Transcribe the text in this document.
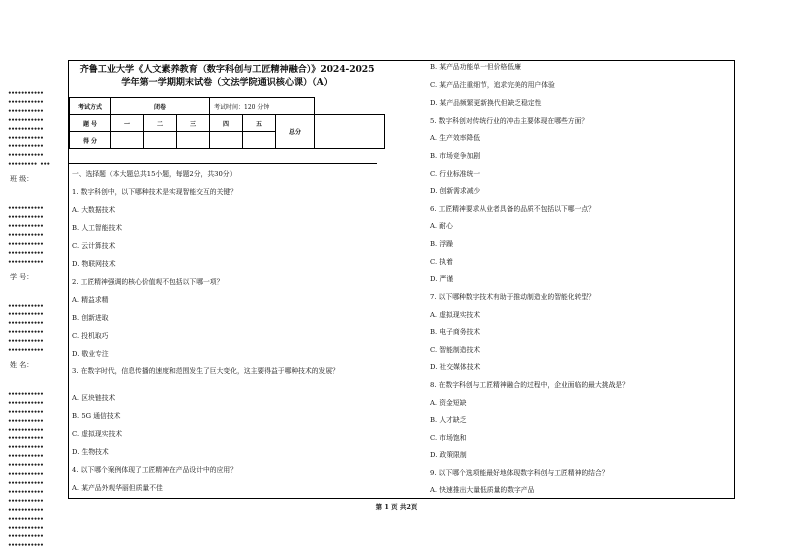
•••••••••••
•••••••••••
•••••••••••
•••••••••••
•••••••••••
•••••••••••
•••••••••••
•••••••••••
••••••••• •••
班 级：
•••••••••••
•••••••••••
•••••••••••
•••••••••••
•••••••••••
•••••••••••
•••••••••••
学 号：
•••••••••••
•••••••••••
•••••••••••
•••••••••••
•••••••••••
•••••••••••
姓 名：
•••••••••••
•••••••••••
•••••••••••
•••••••••••
•••••••••••
•••••••••••
•••••••••••
•••••••••••
•••••••••••
•••••••••••
•••••••••••
•••••••••••
•••••••••••
•••••••••••
•••••••••••
•••••••••••
•••••••••••
•••••••••••
齐鲁工业大学《人文素养教育（数字科创与工匠精神融合）》2024-2025
学年第一学期期末试卷（文法学院通识核心课）（A）
考试方式	闭卷			考试时间：120 分钟			
题 号	一	二	三	四	五	总分	
得 分							
一、选择题（本大题总共15小题，每题2分，共30分）
1. 数字科创中，以下哪种技术是实现智能交互的关键？
A. 大数据技术
B. 人工智能技术
C. 云计算技术
D. 物联网技术
2. 工匠精神强调的核心价值观不包括以下哪一项？
A. 精益求精
B. 创新进取
C. 投机取巧
D. 敬业专注
3. 在数字时代，信息传播的速度和范围发生了巨大变化，这主要得益于哪种技术的发展？
A. 区块链技术
B. 5G 通信技术
C. 虚拟现实技术
D. 生物技术
4. 以下哪个案例体现了工匠精神在产品设计中的应用？
A. 某产品外观华丽但质量不佳
B. 某产品功能单一但价格低廉
C. 某产品注重细节，追求完美的用户体验
D. 某产品频繁更新换代但缺乏稳定性
5. 数字科创对传统行业的冲击主要体现在哪些方面？
A. 生产效率降低
B. 市场竞争加剧
C. 行业标准统一
D. 创新需求减少
6. 工匠精神要求从业者具备的品质不包括以下哪一点？
A. 耐心
B. 浮躁
C. 执着
D. 严谨
7. 以下哪种数字技术有助于推动制造业的智能化转型？
A. 虚拟现实技术
B. 电子商务技术
C. 智能制造技术
D. 社交媒体技术
8. 在数字科创与工匠精神融合的过程中，企业面临的最大挑战是？
A. 资金短缺
B. 人才缺乏
C. 市场饱和
D. 政策限制
9. 以下哪个选项能最好地体现数字科创与工匠精神的结合？
A. 快速推出大量低质量的数字产品
第 1 页 共2页
